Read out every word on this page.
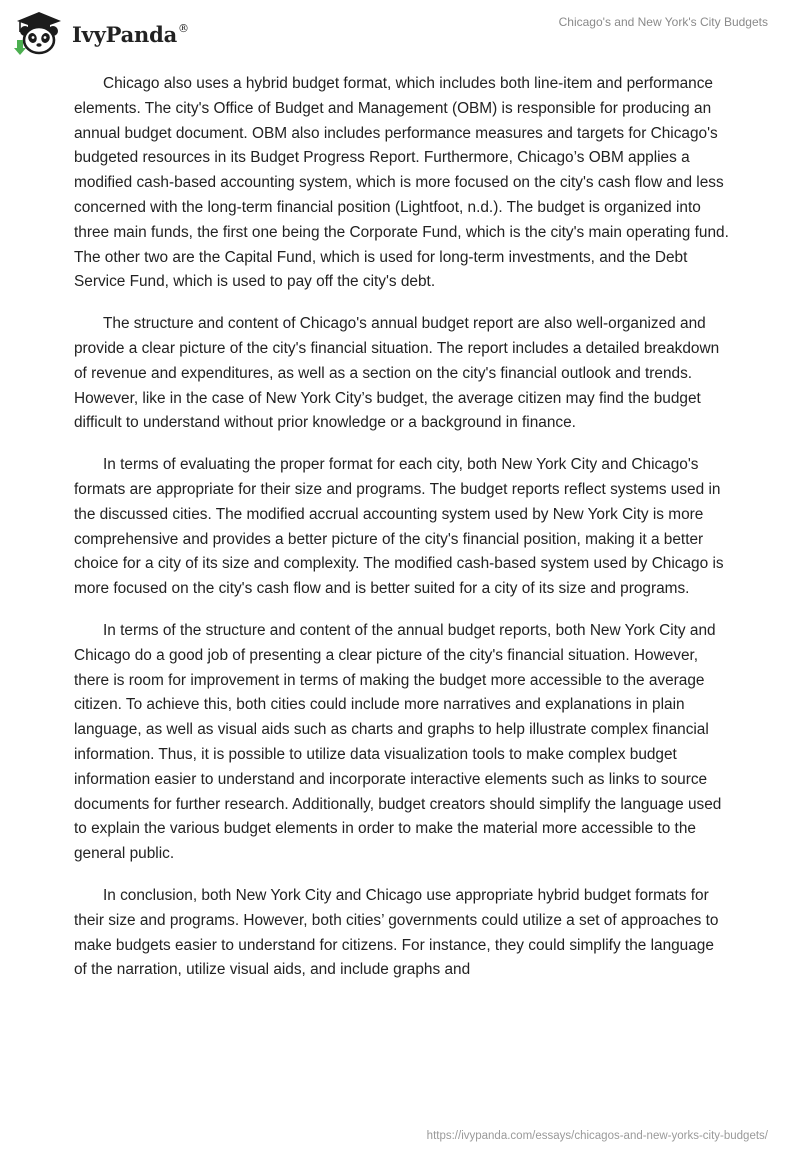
IvyPanda®	Chicago's and New York's City Budgets

Chicago also uses a hybrid budget format, which includes both line-item and performance elements. The city's Office of Budget and Management (OBM) is responsible for producing an annual budget document. OBM also includes performance measures and targets for Chicago's budgeted resources in its Budget Progress Report. Furthermore, Chicago’s OBM applies a modified cash-based accounting system, which is more focused on the city's cash flow and less concerned with the long-term financial position (Lightfoot, n.d.). The budget is organized into three main funds, the first one being the Corporate Fund, which is the city's main operating fund. The other two are the Capital Fund, which is used for long-term investments, and the Debt Service Fund, which is used to pay off the city's debt.

The structure and content of Chicago's annual budget report are also well-organized and provide a clear picture of the city's financial situation. The report includes a detailed breakdown of revenue and expenditures, as well as a section on the city's financial outlook and trends. However, like in the case of New York City’s budget, the average citizen may find the budget difficult to understand without prior knowledge or a background in finance.

In terms of evaluating the proper format for each city, both New York City and Chicago's formats are appropriate for their size and programs. The budget reports reflect systems used in the discussed cities. The modified accrual accounting system used by New York City is more comprehensive and provides a better picture of the city's financial position, making it a better choice for a city of its size and complexity. The modified cash-based system used by Chicago is more focused on the city's cash flow and is better suited for a city of its size and programs.

In terms of the structure and content of the annual budget reports, both New York City and Chicago do a good job of presenting a clear picture of the city's financial situation. However, there is room for improvement in terms of making the budget more accessible to the average citizen. To achieve this, both cities could include more narratives and explanations in plain language, as well as visual aids such as charts and graphs to help illustrate complex financial information. Thus, it is possible to utilize data visualization tools to make complex budget information easier to understand and incorporate interactive elements such as links to source documents for further research. Additionally, budget creators should simplify the language used to explain the various budget elements in order to make the material more accessible to the general public.

In conclusion, both New York City and Chicago use appropriate hybrid budget formats for their size and programs. However, both cities’ governments could utilize a set of approaches to make budgets easier to understand for citizens. For instance, they could simplify the language of the narration, utilize visual aids, and include graphs and

https://ivypanda.com/essays/chicagos-and-new-yorks-city-budgets/
